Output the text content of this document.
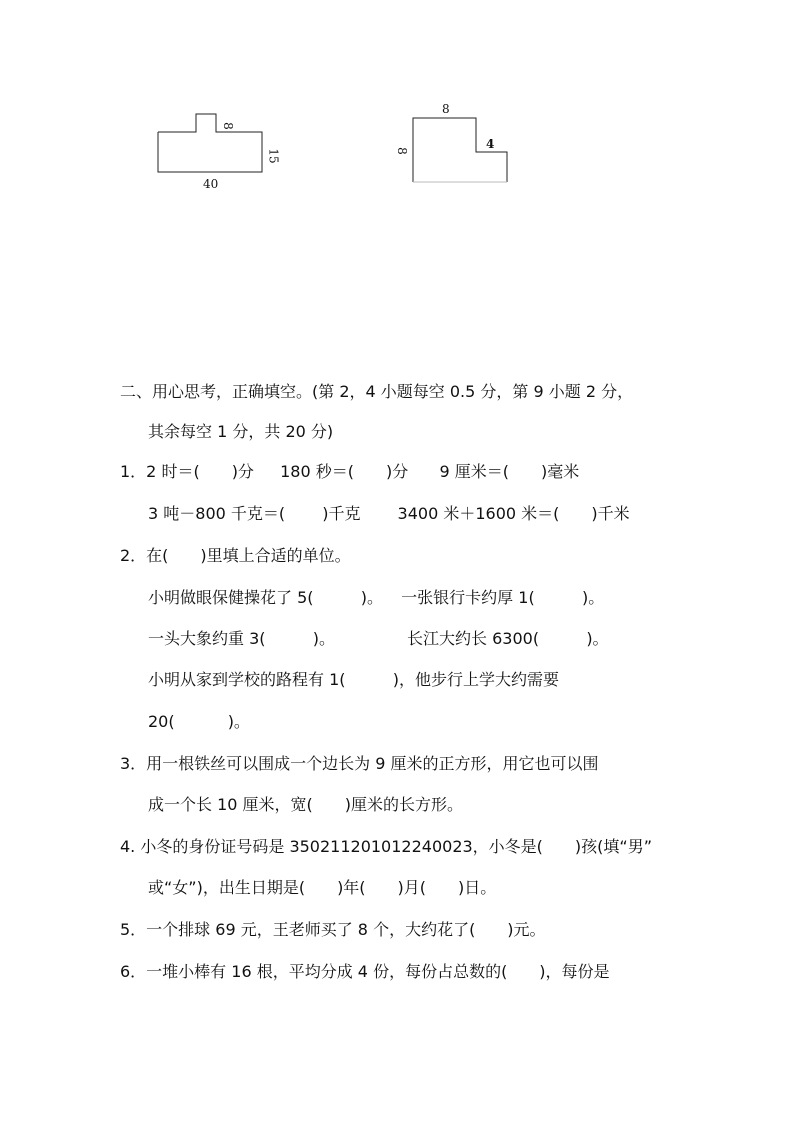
8
15
40
8
8	4
二、用心思考，正确填空。(第 2，4 小题每空 0.5 分，第 9 小题 2 分，
其余每空 1 分，共 20 分)
1．2 时＝(　　)分　  180 秒＝(　　)分　   9 厘米＝(　　)毫米
3 吨－800 千克＝(　　 )千克　　 3400 米＋1600 米＝(　　)千米
2．在(　　)里填上合适的单位。
小明做眼保健操花了 5(　　   )。　  一张银行卡约厚 1(　　   )。
一头大象约重 3(　　   )。　　　　　长江大约长 6300(　　   )。
小明从家到学校的路程有 1(　　   )，他步行上学大约需要
20(　　　 )。
3．用一根铁丝可以围成一个边长为 9 厘米的正方形，用它也可以围
成一个长 10 厘米，宽(　　)厘米的长方形。
4. 小冬的身份证号码是 350211201012240023，小冬是(　　)孩(填“男”
或“女”)，出生日期是(　　)年(　　)月(　　)日。
5．一个排球 69 元，王老师买了 8 个，大约花了(　　)元。
6．一堆小棒有 16 根，平均分成 4 份，每份占总数的(　　)，每份是
